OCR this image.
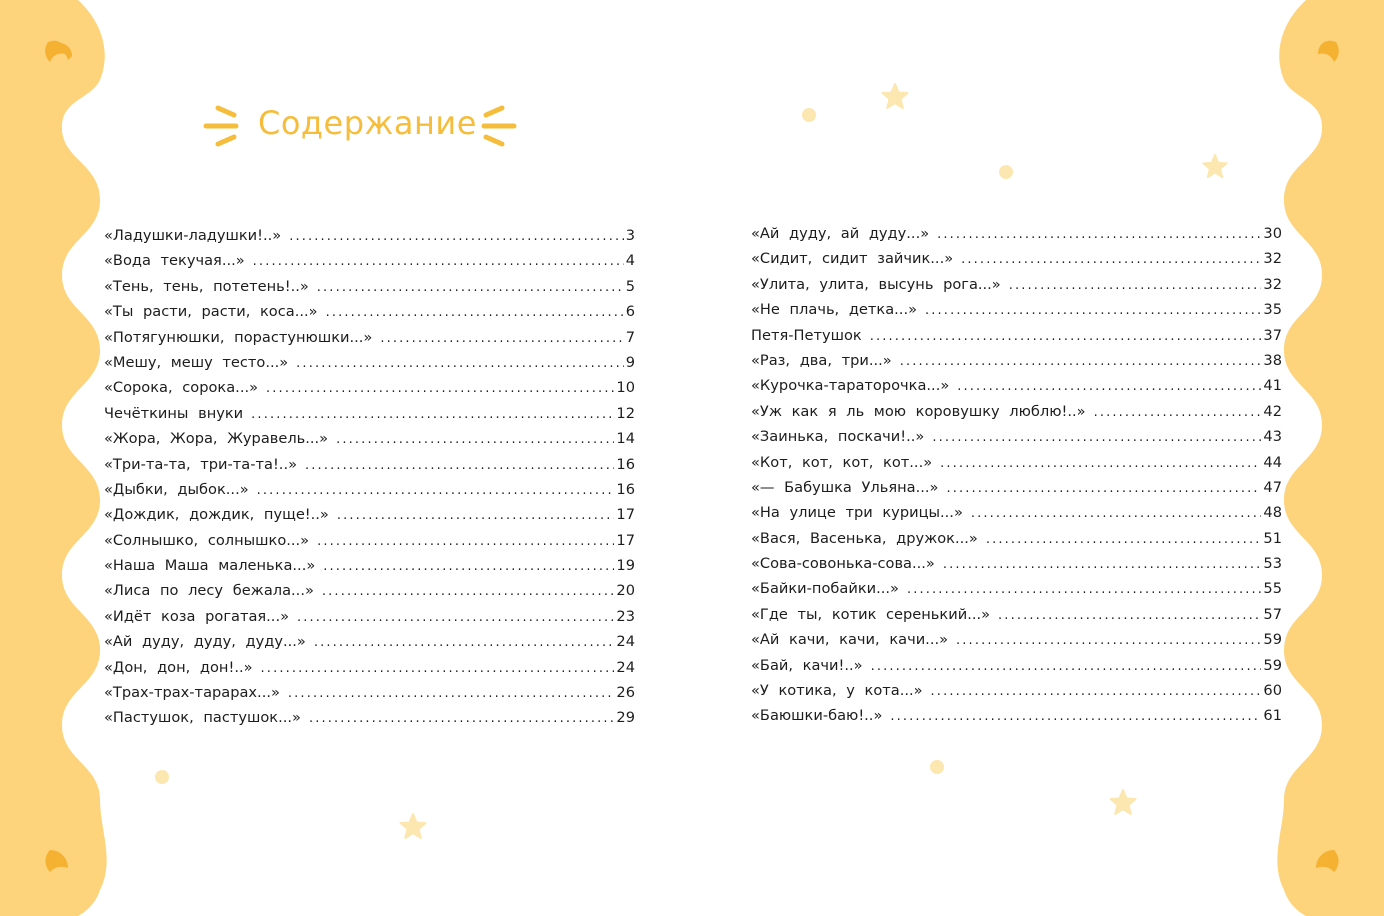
Содержание
«Ладушки-ладушки!..» . . .	3
«Вода текучая...» . . .	4
«Тень, тень, потетень!..» . . .	5
«Ты расти, расти, коса...» . . .	6
«Потягунюшки, порастунюшки...» . . .	7
«Мешу, мешу тесто...» . . .	9
«Сорока, сорока...» . . .	10
Чечёткины внуки . . .	12
«Жора, Жора, Журавель...» . . .	14
«Три-та-та, три-та-та!..» . . .	16
«Дыбки, дыбок...» . . .	16
«Дождик, дождик, пуще!..» . . .	17
«Солнышко, солнышко...» . . .	17
«Наша Маша маленька...» . . .	19
«Лиса по лесу бежала...» . . .	20
«Идёт коза рогатая...» . . .	23
«Ай дуду, дуду, дуду...» . . .	24
«Дон, дон, дон!..» . . .	24
«Трах-трах-тарарах...» . . .	26
«Пастушок, пастушок...» . . .	29
«Ай дуду, ай дуду...» . . .	30
«Сидит, сидит зайчик...» . . .	32
«Улита, улита, высунь рога...» . . .	32
«Не плачь, детка...» . . .	35
Петя-Петушок . . .	37
«Раз, два, три...» . . .	38
«Курочка-тараторочка...» . . .	41
«Уж как я ль мою коровушку люблю!..» . . .	42
«Заинька, поскачи!..» . . .	43
«Кот, кот, кот, кот...» . . .	44
«— Бабушка Ульяна...» . . .	47
«На улице три курицы...» . . .	48
«Вася, Васенька, дружок...» . . .	51
«Сова-совонька-сова...» . . .	53
«Байки-побайки...» . . .	55
«Где ты, котик серенький...» . . .	57
«Ай качи, качи, качи...» . . .	59
«Бай, качи!..» . . .	59
«У котика, у кота...» . . .	60
«Баюшки-баю!..» . . .	61
